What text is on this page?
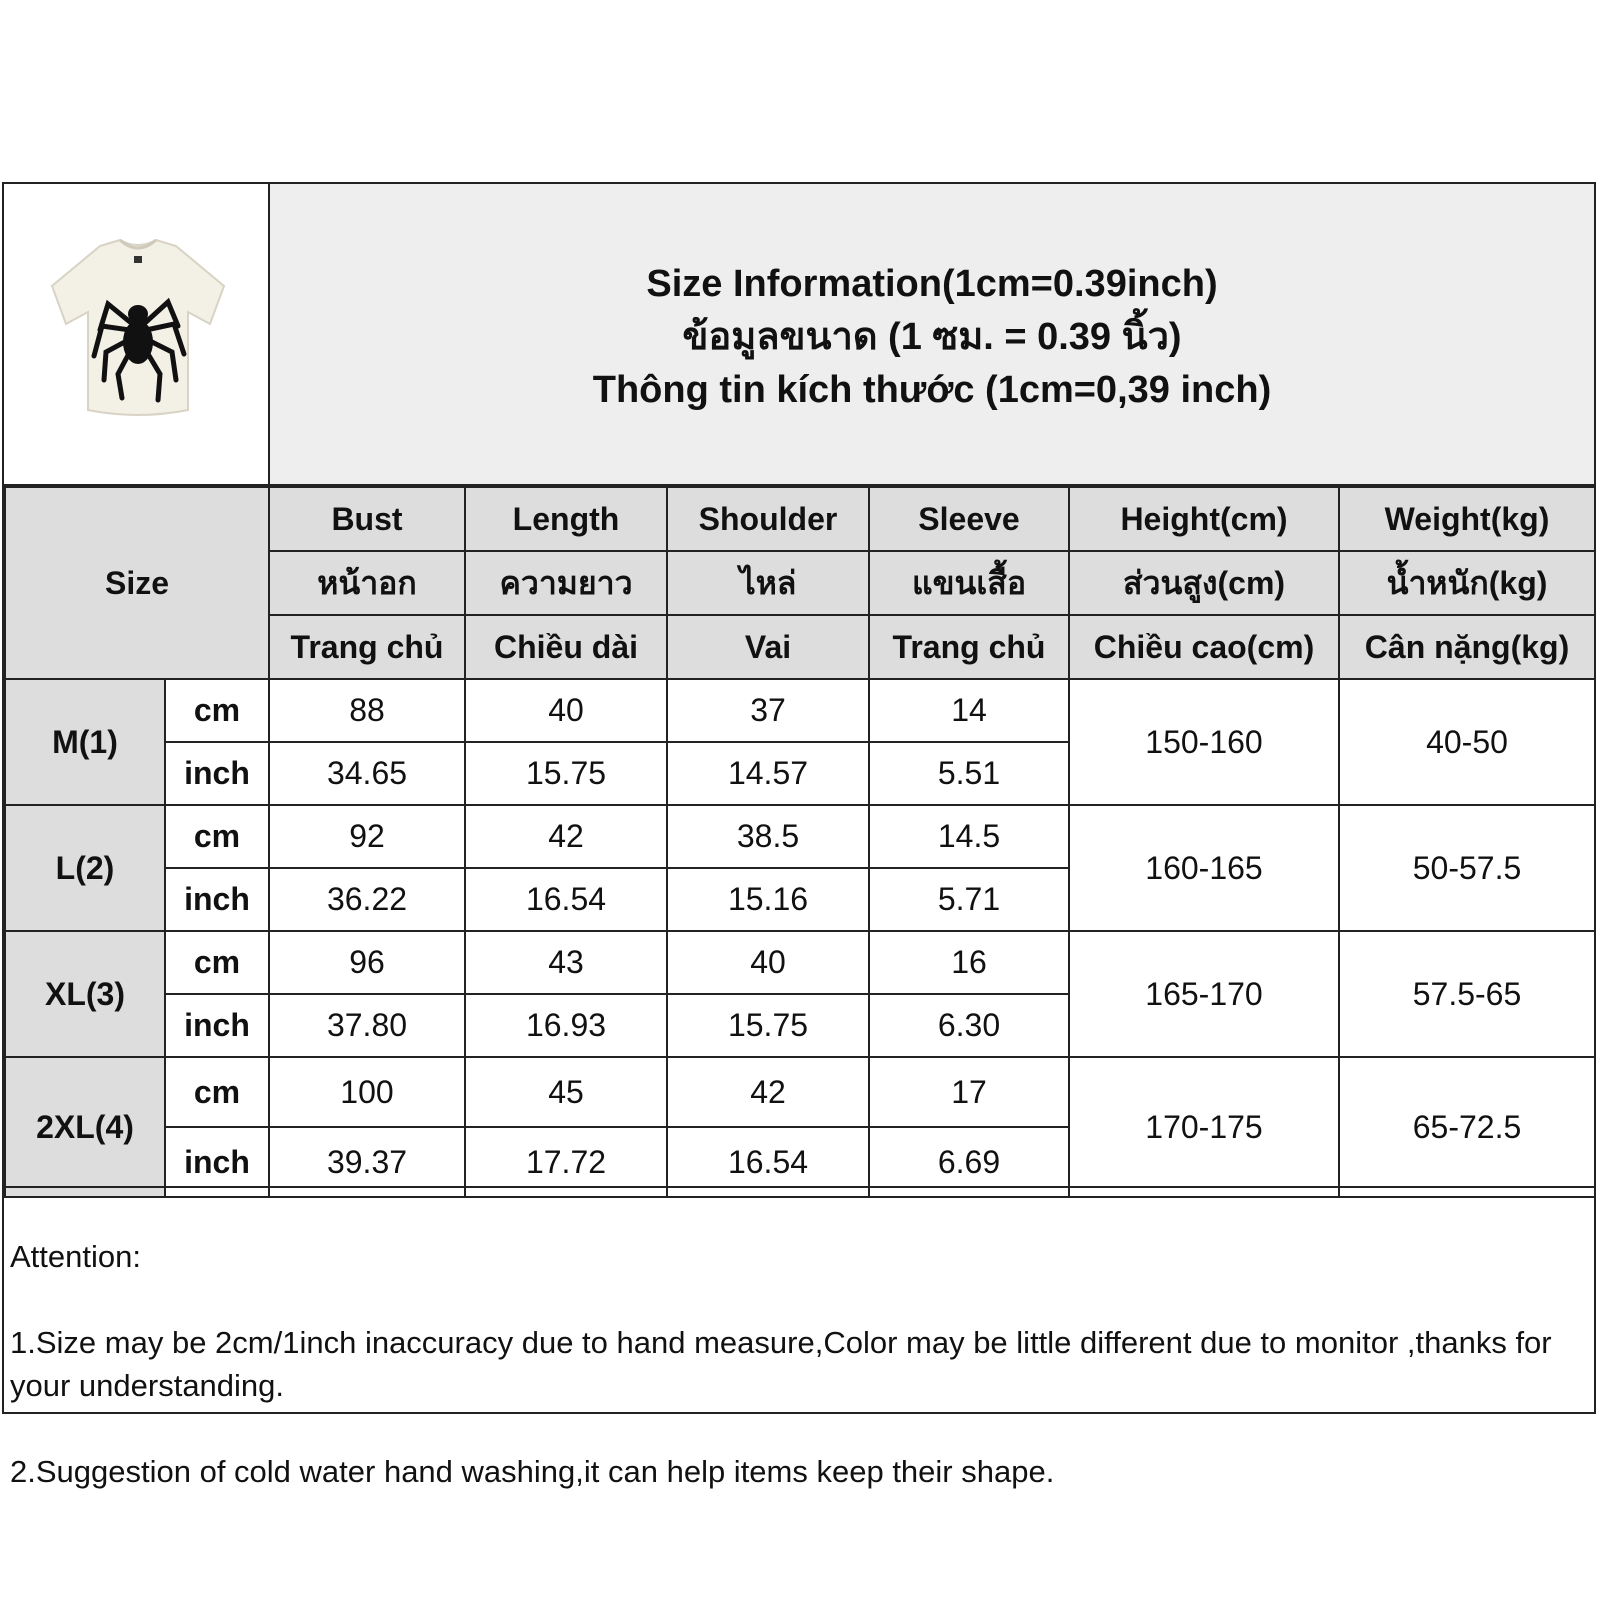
Size Information(1cm=0.39inch)
ข้อมูลขนาด (1 ซม. = 0.39 นิ้ว)
Thông tin kích thước (1cm=0,39 inch)
Size		Bust	Length	Shoulder	Sleeve	Height(cm)	Weight(kg)
		หน้าอก	ความยาว	ไหล่	แขนเสื้อ	ส่วนสูง(cm)	น้ำหนัก(kg)
		Trang chủ	Chiều dài	Vai	Trang chủ	Chiều cao(cm)	Cân nặng(kg)
M(1)	cm	88	40	37	14	150-160	40-50
	inch	34.65	15.75	14.57	5.51		
L(2)	cm	92	42	38.5	14.5	160-165	50-57.5
	inch	36.22	16.54	15.16	5.71		
XL(3)	cm	96	43	40	16	165-170	57.5-65
	inch	37.80	16.93	15.75	6.30		
2XL(4)	cm	100	45	42	17	170-175	65-72.5
	inch	39.37	17.72	16.54	6.69		

Attention:

1.Size may be 2cm/1inch inaccuracy due to hand measure,Color may be little different due to monitor ,thanks for your understanding.

2.Suggestion of cold water hand washing,it can help items keep their shape.
